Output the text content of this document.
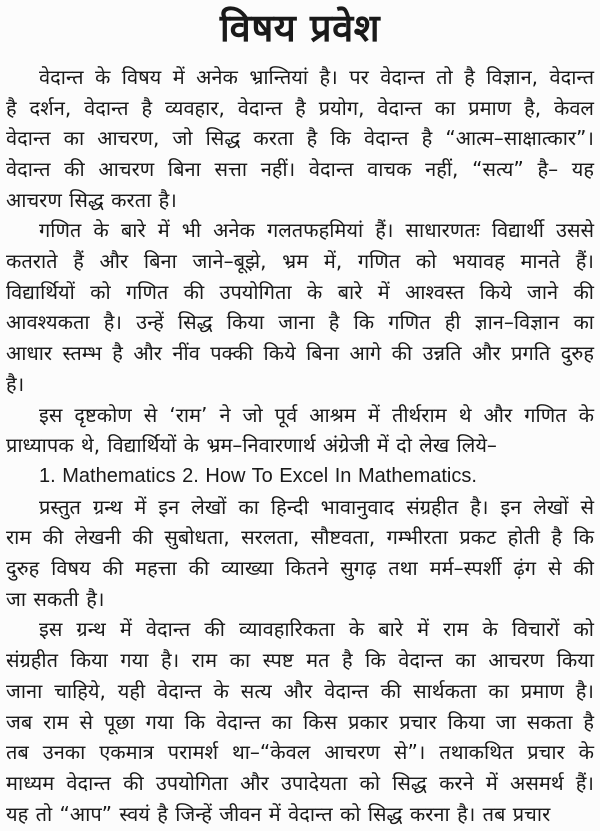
विषय प्रवेश
वेदान्त के विषय में अनेक भ्रान्तियां है। पर वेदान्त तो है विज्ञान, वेदान्त
है दर्शन, वेदान्त है व्यवहार, वेदान्त है प्रयोग, वेदान्त का प्रमाण है, केवल
वेदान्त का आचरण, जो सिद्ध करता है कि वेदान्त है “आत्म–साक्षात्कार”।
वेदान्त की आचरण बिना सत्ता नहीं। वेदान्त वाचक नहीं, “सत्य” है– यह
आचरण सिद्ध करता है।
गणित के बारे में भी अनेक गलतफहमियां हैं। साधारणतः विद्यार्थी उससे
कतराते हैं और बिना जाने–बूझे, भ्रम में, गणित को भयावह मानते हैं।
विद्यार्थियों को गणित की उपयोगिता के बारे में आश्वस्त किये जाने की
आवश्यकता है। उन्हें सिद्ध किया जाना है कि गणित ही ज्ञान–विज्ञान का
आधार स्तम्भ है और नींव पक्की किये बिना आगे की उन्नति और प्रगति दुरुह
है।
इस दृष्टकोण से ‘राम’ ने जो पूर्व आश्रम में तीर्थराम थे और गणित के
प्राध्यापक थे, विद्यार्थियों के भ्रम–निवारणार्थ अंग्रेजी में दो लेख लिये–
1. Mathematics 2. How To Excel In Mathematics.
प्रस्तुत ग्रन्थ में इन लेखों का हिन्दी भावानुवाद संग्रहीत है। इन लेखों से
राम की लेखनी की सुबोधता, सरलता, सौष्टवता, गम्भीरता प्रकट होती है कि
दुरुह विषय की महत्ता की व्याख्या कितने सुगढ़ तथा मर्म–स्पर्शी ढ़ंग से की
जा सकती है।
इस ग्रन्थ में वेदान्त की व्यावहारिकता के बारे में राम के विचारों को
संग्रहीत किया गया है। राम का स्पष्ट मत है कि वेदान्त का आचरण किया
जाना चाहिये, यही वेदान्त के सत्य और वेदान्त की सार्थकता का प्रमाण है।
जब राम से पूछा गया कि वेदान्त का किस प्रकार प्रचार किया जा सकता है
तब उनका एकमात्र परामर्श था–“केवल आचरण से”। तथाकथित प्रचार के
माध्यम वेदान्त की उपयोगिता और उपादेयता को सिद्ध करने में असमर्थ हैं।
यह तो “आप” स्वयं है जिन्हें जीवन में वेदान्त को सिद्ध करना है। तब प्रचार
